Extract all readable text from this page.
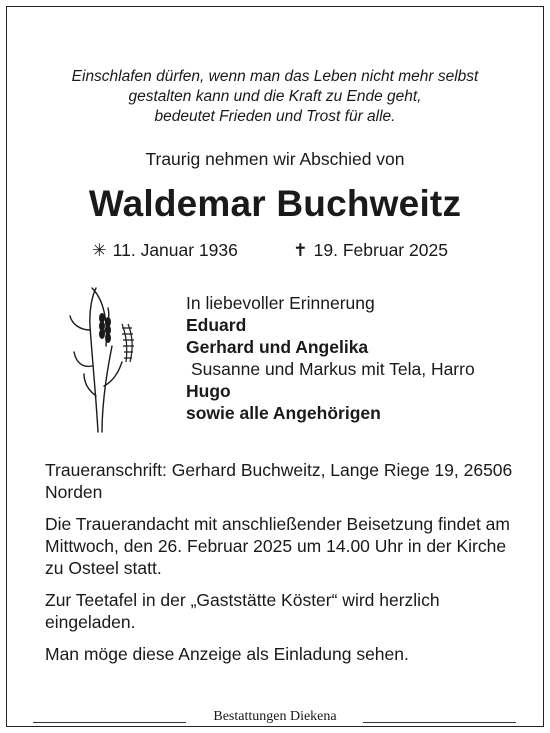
Einschlafen dürfen, wenn man das Leben nicht mehr selbst
gestalten kann und die Kraft zu Ende geht,
bedeutet Frieden und Trost für alle.
Traurig nehmen wir Abschied von
Waldemar Buchweitz
✳ 11. Januar 1936	✝ 19. Februar 2025
In liebevoller Erinnerung
Eduard
Gerhard und Angelika
Susanne und Markus mit Tela, Harro
Hugo
sowie alle Angehörigen

Traueranschrift: Gerhard Buchweitz, Lange Riege 19, 26506 Norden

Die Trauerandacht mit anschließender Beisetzung findet am Mittwoch, den 26. Februar 2025 um 14.00 Uhr in der Kirche zu Osteel statt.

Zur Teetafel in der „Gaststätte Köster“ wird herzlich eingeladen.

Man möge diese Anzeige als Einladung sehen.

Bestattungen Diekena
